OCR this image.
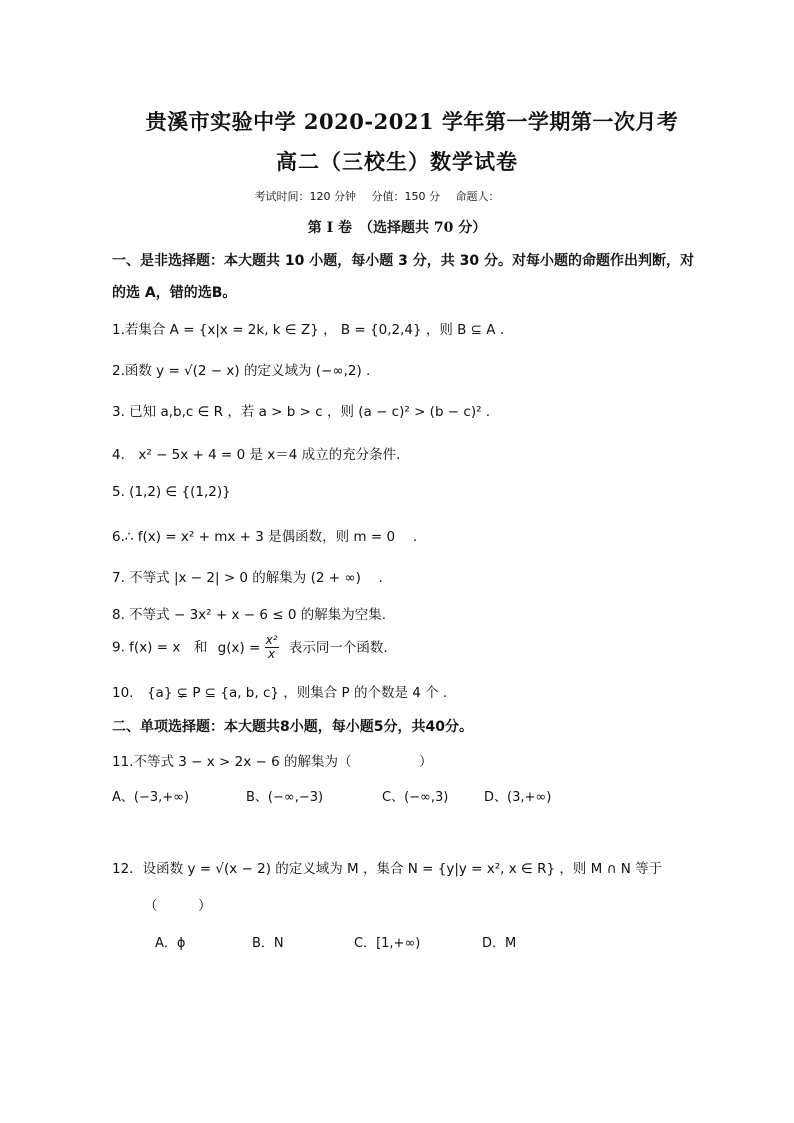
贵溪市实验中学 2020-2021 学年第一学期第一次月考
高二（三校生）数学试卷
考试时间：120 分钟 分值：150 分 命题人：
第 I 卷　（选择题共 70 分）
一、是非选择题：本大题共 10 小题，每小题 3 分，共 30 分。对每小题的命题作出判断，对
的选 A，错的选B。
1.若集合 A = {x|x = 2k, k ∈ Z} ， B = {0,2,4} ，则 B ⊆ A .
2.函数 y = √(2 − x) 的定义域为 (−∞,2) .
3. 已知 a,b,c ∈ R ，若 a > b > c ，则 (a − c)² > (b − c)² .
4． x² − 5x + 4 = 0 是 x＝4 成立的充分条件.
5. (1,2) ∈ {(1,2)}
6.∴ f(x) = x² + mx + 3 是偶函数，则 m = 0　 .
7. 不等式 |x − 2| > 0 的解集为 (2 + ∞)　 .
8. 不等式 − 3x² + x − 6 ≤ 0 的解集为空集.
9. f(x) = x　和 $g(x) = \frac{\text{x²}}{x}$ 表示同一个函数.
10.　{a} ⊊ P ⊆ {a, b, c} ，则集合 P 的个数是 4 个 .
二、单项选择题：本大题共8小题，每小题5分，共40分。
11.不等式 3 − x > 2x − 6 的解集为（　　　　　）
A、(−3,+∞)	B、(−∞,−3)	C、(−∞,3)	D、(3,+∞)
12．设函数 y = √(x − 2) 的定义域为 M ，集合 N = {y|y = x², x ∈ R} ，则 M ∩ N 等于
（　　　）
A．ϕ	B．N	C．[1,+∞)	D．M
